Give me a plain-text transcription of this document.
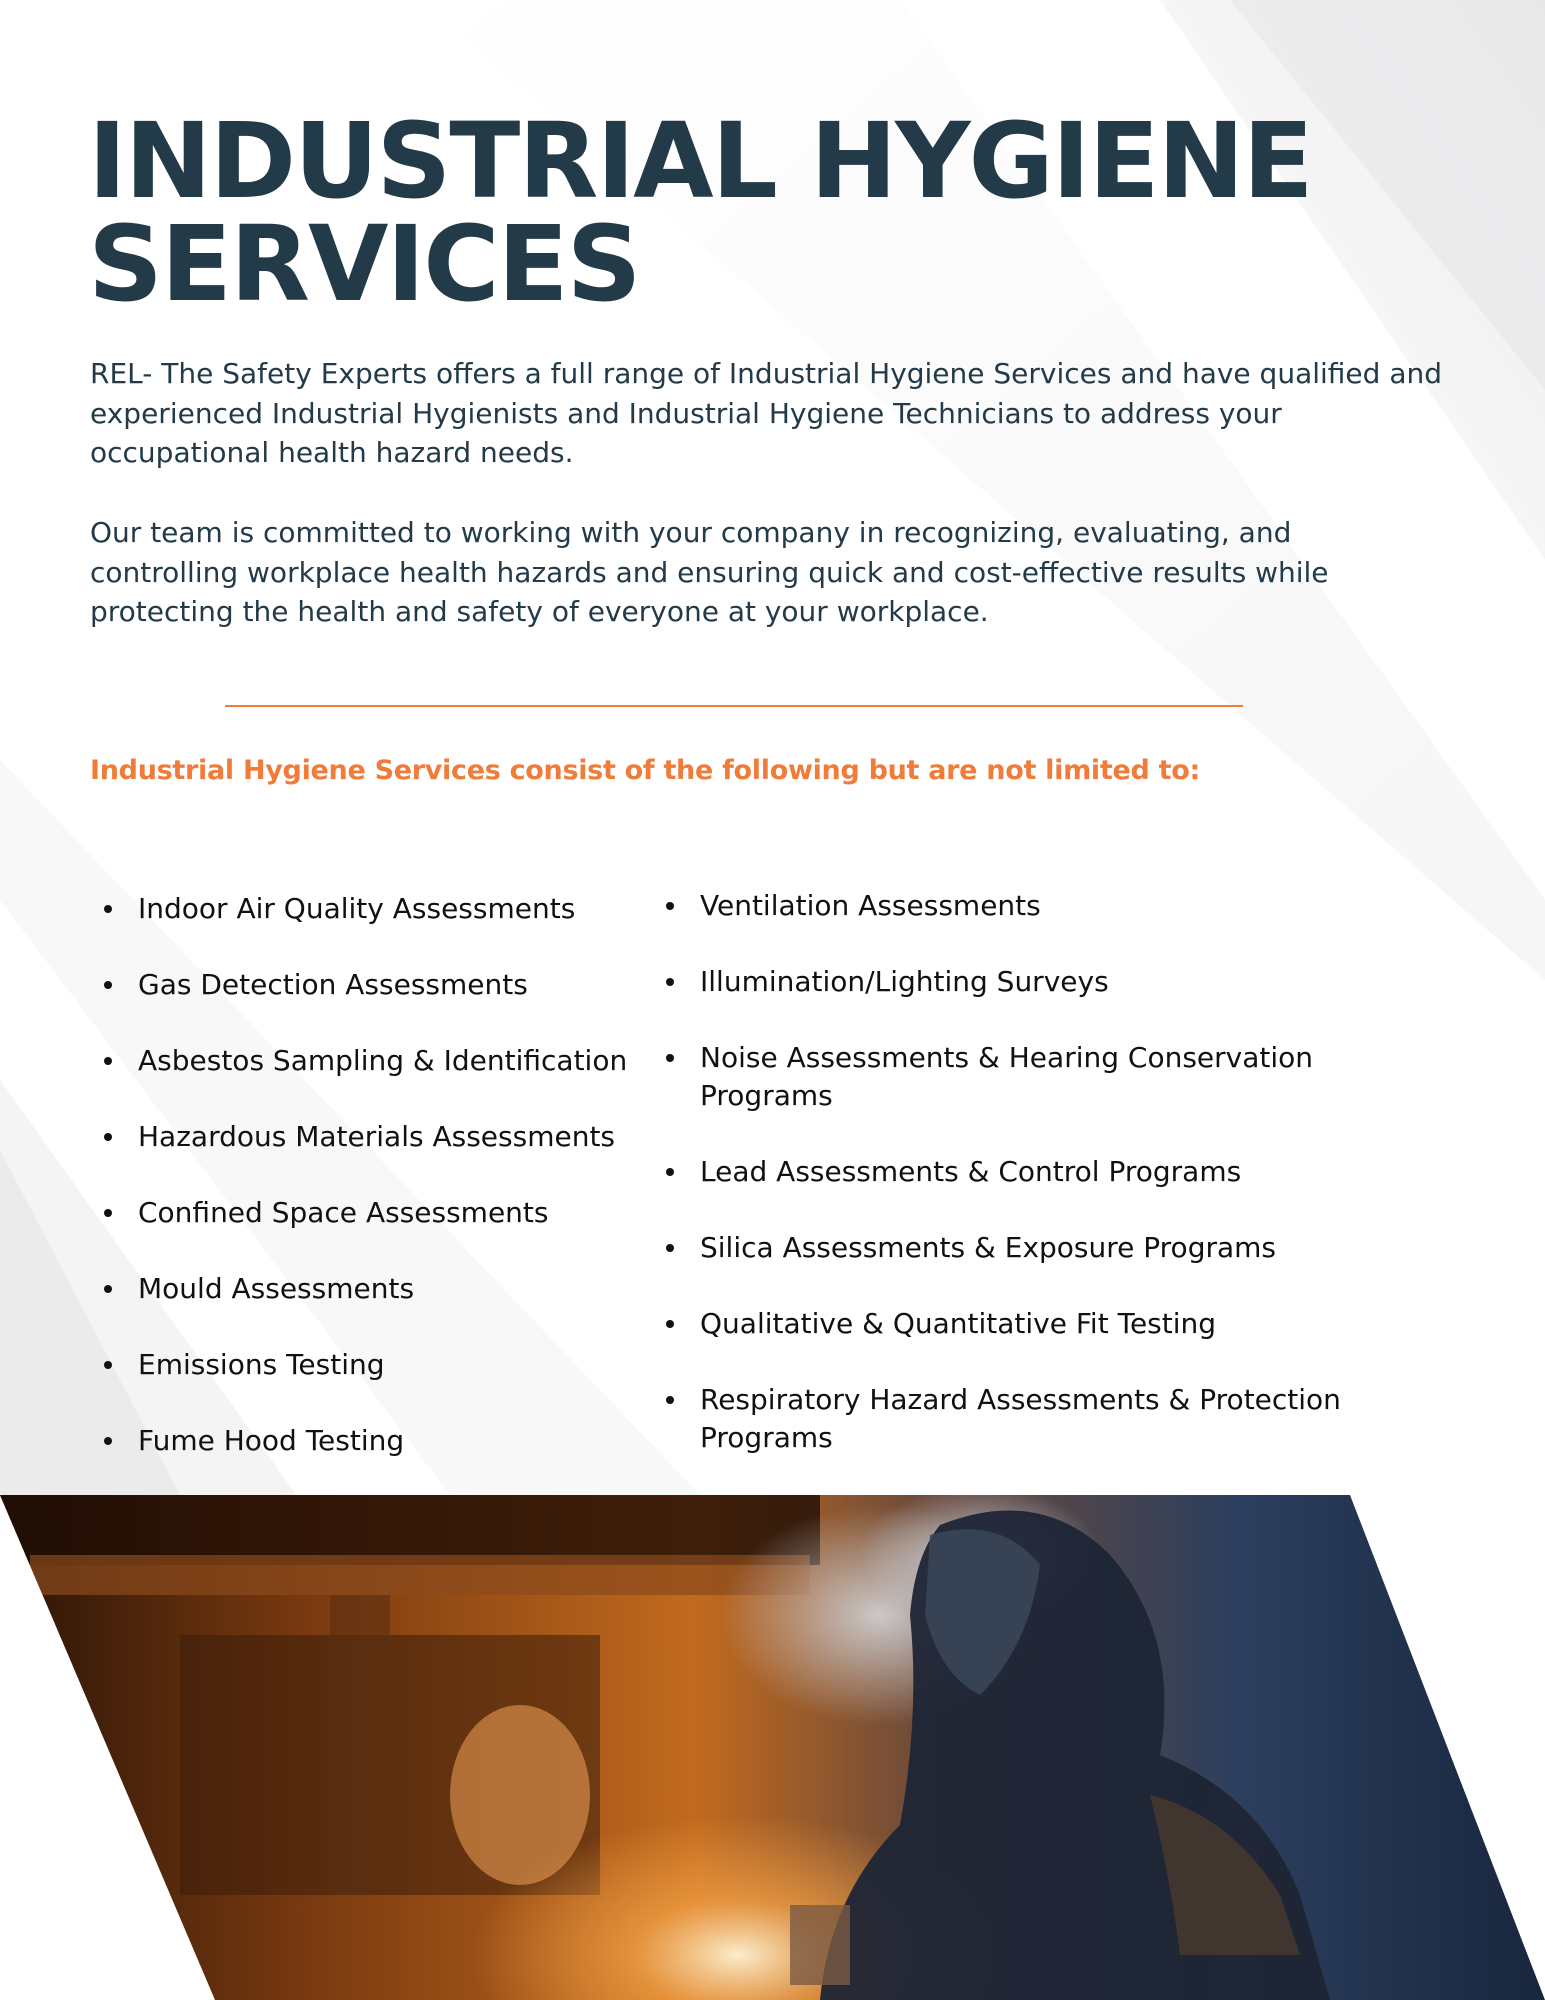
INDUSTRIAL HYGIENE
SERVICES

REL- The Safety Experts offers a full range of Industrial Hygiene Services and have qualified and
experienced Industrial Hygienists and Industrial Hygiene Technicians to address your
occupational health hazard needs.

Our team is committed to working with your company in recognizing, evaluating, and
controlling workplace health hazards and ensuring quick and cost-effective results while
protecting the health and safety of everyone at your workplace.

Industrial Hygiene Services consist of the following but are not limited to:
Indoor Air Quality Assessments
Gas Detection Assessments
Asbestos Sampling & Identification
Hazardous Materials Assessments
Confined Space Assessments
Mould Assessments
Emissions Testing
Fume Hood Testing
Ventilation Assessments
Illumination/Lighting Surveys
Noise Assessments & Hearing Conservation
Programs
Lead Assessments & Control Programs
Silica Assessments & Exposure Programs
Qualitative & Quantitative Fit Testing
Respiratory Hazard Assessments & Protection
Programs
